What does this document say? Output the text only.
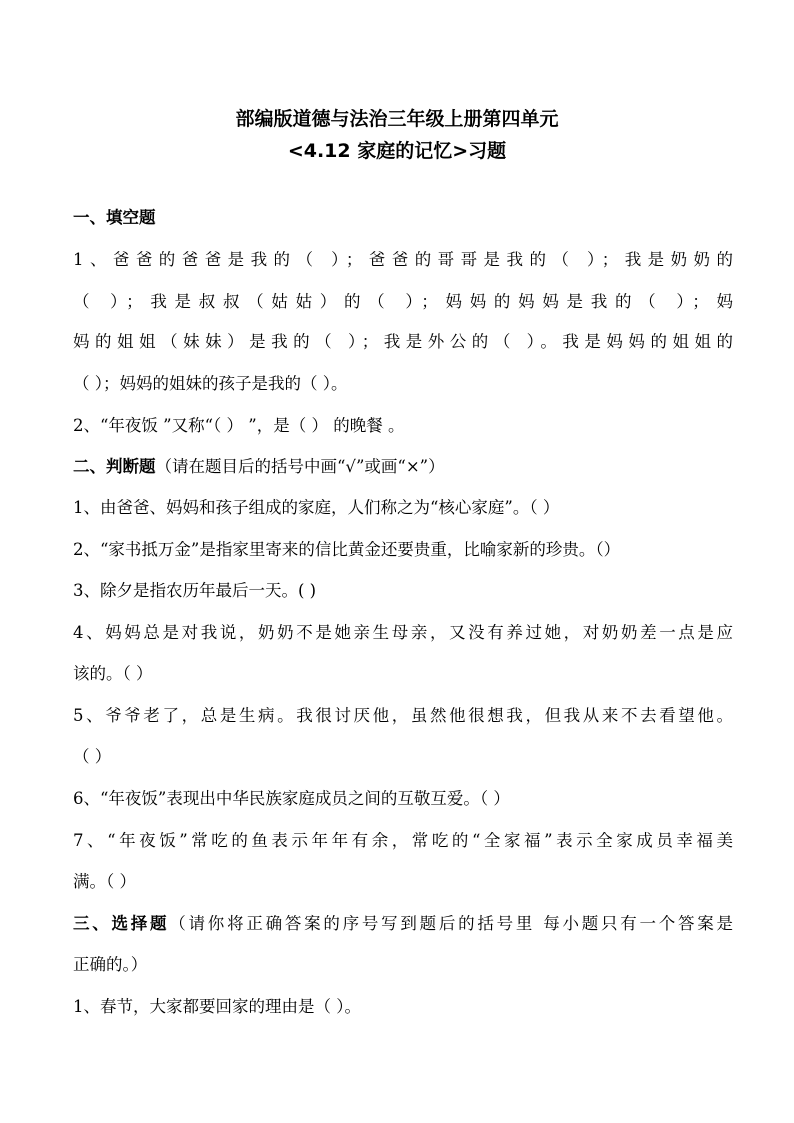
部编版道德与法治三年级上册第四单元
<4.12 家庭的记忆>习题
一、填空题
1、爸爸的爸爸是我的（ ）；爸爸的哥哥是我的（ ）；我是奶奶的
（ ）；我是叔叔（姑姑）的（ ）；妈妈的妈妈是我的（ ）；妈
妈的姐姐（妹妹）是我的（ ）；我是外公的（ ）。我是妈妈的姐姐的
（ ）；妈妈的姐妹的孩子是我的（ ）。
2、“年夜饭 ”又称“（ ） ”，是（ ） 的晚餐 。
二、判断题（请在题目后的括号中画“√”或画“×”）
1、由爸爸、妈妈和孩子组成的家庭，人们称之为“核心家庭”。（ ）
2、“家书抵万金”是指家里寄来的信比黄金还要贵重，比喻家新的珍贵。（）
3、除夕是指农历年最后一天。( )
4、妈妈总是对我说，奶奶不是她亲生母亲，又没有养过她，对奶奶差一点是应
该的。（ ）
5、爷爷老了，总是生病。我很讨厌他，虽然他很想我，但我从来不去看望他。
（ ）
6、“年夜饭”表现出中华民族家庭成员之间的互敬互爱。（ ）
7、“年夜饭”常吃的鱼表示年年有余，常吃的“全家福”表示全家成员幸福美
满。（ ）
三、选择题（请你将正确答案的序号写到题后的括号里 每小题只有一个答案是
正确的。）
1、春节，大家都要回家的理由是（ ）。
